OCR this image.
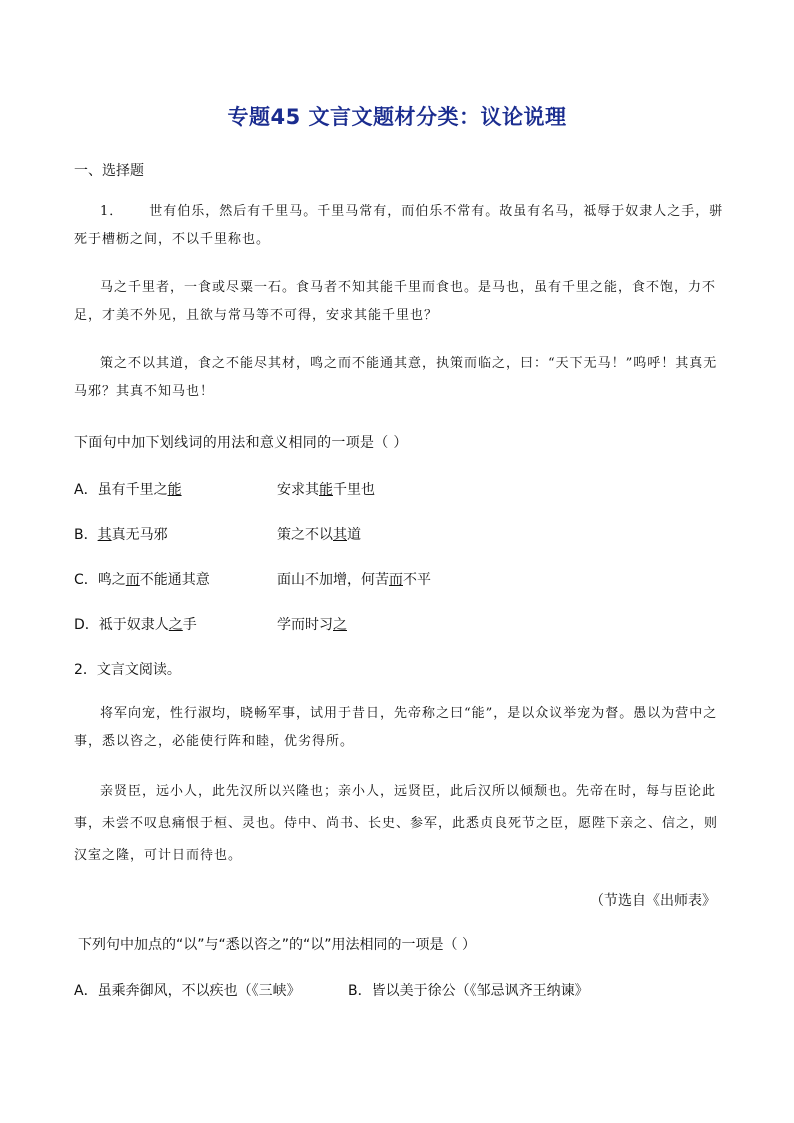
专题45 文言文题材分类：议论说理
一、选择题
1． 世有伯乐，然后有千里马。千里马常有，而伯乐不常有。故虽有名马，祗辱于奴隶人之手，骈死于槽枥之间，不以千里称也。
马之千里者，一食或尽粟一石。食马者不知其能千里而食也。是马也，虽有千里之能，食不饱，力不足，才美不外见，且欲与常马等不可得，安求其能千里也？
策之不以其道，食之不能尽其材，鸣之而不能通其意，执策而临之，曰：“天下无马！”呜呼！其真无马邪？其真不知马也！
下面句中加下划线词的用法和意义相同的一项是（ ）
A．虽有千里之能	安求其能千里也
B．其真无马邪	策之不以其道
C．鸣之而不能通其意	面山不加增，何苦而不平
D．祗于奴隶人之手	学而时习之
2．文言文阅读。
将军向宠，性行淑均，晓畅军事，试用于昔日，先帝称之曰“能”，是以众议举宠为督。愚以为营中之事，悉以咨之，必能使行阵和睦，优劣得所。
亲贤臣，远小人，此先汉所以兴隆也；亲小人，远贤臣，此后汉所以倾颓也。先帝在时，每与臣论此事，未尝不叹息痛恨于桓、灵也。侍中、尚书、长史、参军，此悉贞良死节之臣，愿陛下亲之、信之，则汉室之隆，可计日而待也。
（节选自《出师表》
下列句中加点的“以”与“悉以咨之”的“以”用法相同的一项是（ ）
A．虽乘奔御风，不以疾也（《三峡》	B．皆以美于徐公（《邹忌讽齐王纳谏》
